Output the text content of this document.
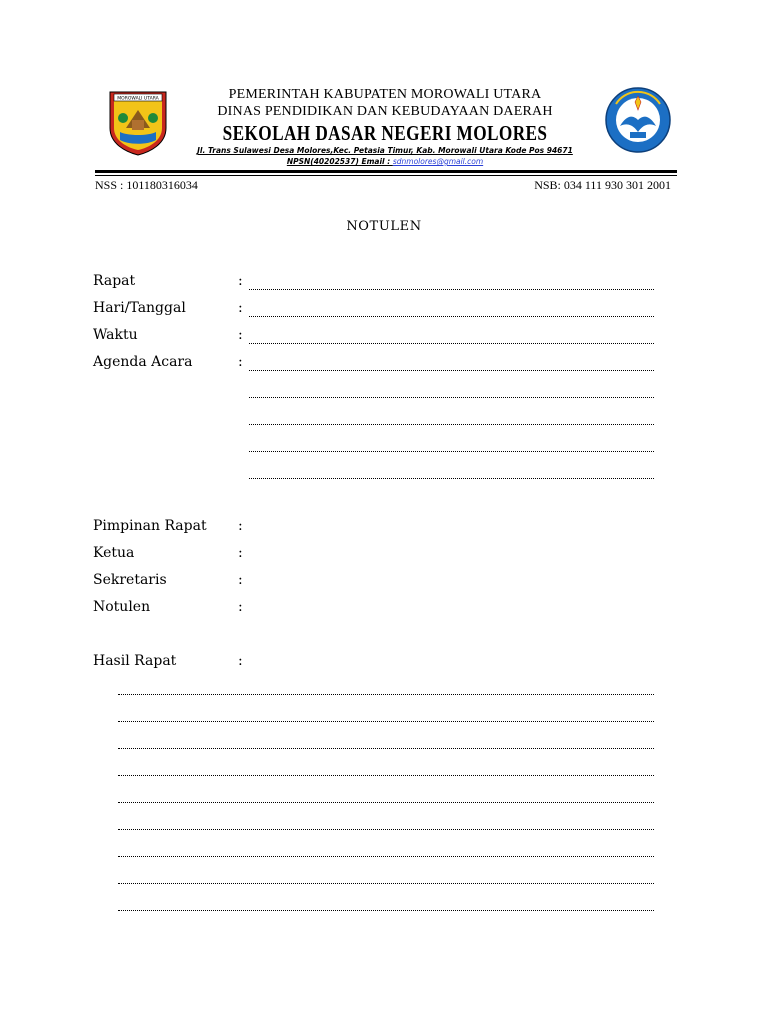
MOROWALI UTARA	PEMERINTAH KABUPATEN MOROWALI UTARA
DINAS PENDIDIKAN DAN KEBUDAYAAN DAERAH
SEKOLAH DASAR NEGERI MOLORES
Jl. Trans Sulawesi Desa Molores,Kec. Petasia Timur, Kab. Morowali Utara Kode Pos 94671
NPSN(40202537) Email : sdnmolores@gmail.com
NSS : 101180316034	NSB: 034 111 930 301 2001
NOTULEN
Rapat	:
Hari/Tanggal	:
Waktu	:
Agenda Acara	:
Pimpinan Rapat :
Ketua	:
Sekretaris	:
Notulen	:
Hasil Rapat	:
